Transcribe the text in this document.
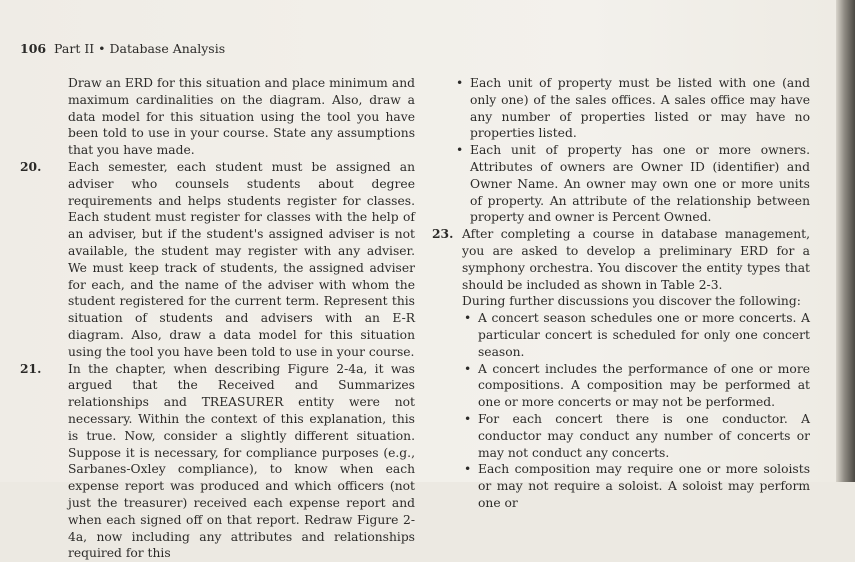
106 Part II • Database Analysis

Draw an ERD for this situation and place minimum and maximum cardinalities on the diagram. Also, draw a data model for this situation using the tool you have been told to use in your course. State any assumptions that you have made.

20. Each semester, each student must be assigned an adviser who counsels students about degree requirements and helps students register for classes. Each student must register for classes with the help of an adviser, but if the student's assigned adviser is not available, the student may register with any adviser. We must keep track of students, the assigned adviser for each, and the name of the adviser with whom the student registered for the current term. Represent this situation of students and advisers with an E-R diagram. Also, draw a data model for this situation using the tool you have been told to use in your course.

21. In the chapter, when describing Figure 2-4a, it was argued that the Received and Summarizes relationships and TREASURER entity were not necessary. Within the context of this explanation, this is true. Now, consider a slightly different situation. Suppose it is necessary, for compliance purposes (e.g., Sarbanes-Oxley compliance), to know when each expense report was produced and which officers (not just the treasurer) received each expense report and when each signed off on that report. Redraw Figure 2-4a, now including any attributes and relationships required for this

• Each unit of property must be listed with one (and only one) of the sales offices. A sales office may have any number of properties listed or may have no properties listed.
• Each unit of property has one or more owners. Attributes of owners are Owner ID (identifier) and Owner Name. An owner may own one or more units of property. An attribute of the relationship between property and owner is Percent Owned.
23. After completing a course in database management, you are asked to develop a preliminary ERD for a symphony orchestra. You discover the entity types that should be included as shown in Table 2-3.

During further discussions you discover the following:

• A concert season schedules one or more concerts. A particular concert is scheduled for only one concert season.
• A concert includes the performance of one or more compositions. A composition may be performed at one or more concerts or may not be performed.
• For each concert there is one conductor. A conductor may conduct any number of concerts or may not conduct any concerts.
• Each composition may require one or more soloists or may not require a soloist. A soloist may perform one or
